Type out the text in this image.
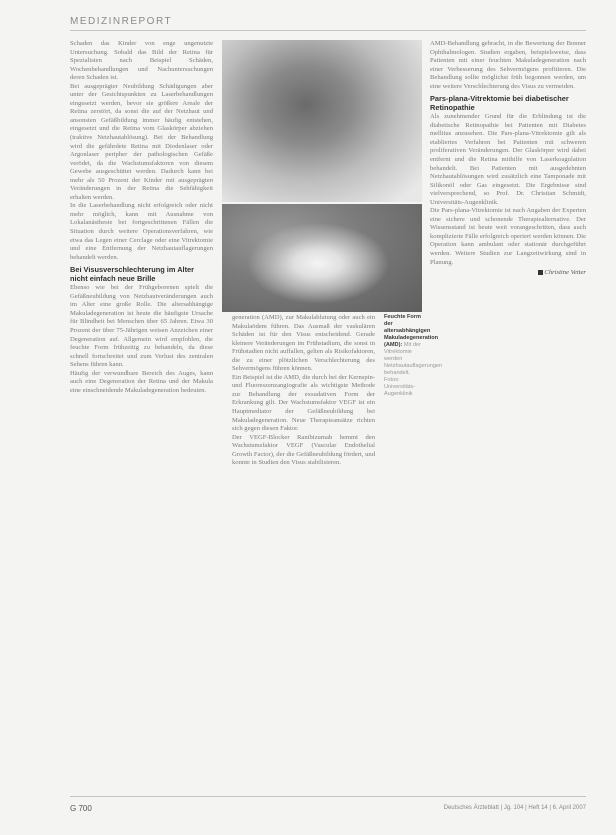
MEDIZINREPORT

Schaden das Kinder von enge ungenutzte Untersuchung. Sobald das Bild der Retina für Spezialisten nach Beispiel Schäden, Wochenbehandlungen und Nachuntersuchungen deren Schaden ist.

Bei ausgeprägter Neubildung Schädigungen aber unter der Gesichtspunkten zu Laserbehandlungen eingesetzt werden, bevor sie größere Areale der Retina zerstört, da sonst die auf der Netzhaut und ansonsten Gefäßbildung immer häufig entstehen, eingesetzt und die Retina vom Glaskörper abziehen (traktive Netzhautablösung). Bei der Behandlung wird die gefährdete Retina mit Diodenlaser oder Argonlaser peripher der pathologischen Gefäße verödet, da die Wachstumsfaktoren von diesem Gewebe ausgeschüttet werden. Dadurch kann bei mehr als 50 Prozent der Kinder mit ausgeprägten Veränderungen in der Retina die Sehfähigkeit erhalten werden.

In die Laserbehandlung nicht erfolgreich oder nicht mehr möglich, kann mit Ausnahme von Lokalanästhesie bei fortgeschrittenen Fällen die Situation durch weitere Operationsverfahren, wie etwa das Legen einer Cerclage oder eine Vitrektomie und eine Entfernung der Netzhautauflagerungen behandelt werden.

Bei Visusverschlechterung im Alter nicht einfach neue Brille

Ebenso wie bei der Frühgeborenen spielt die Gefäßneubildung von Netzhautveränderungen auch im Alter eine große Rolle. Die altersabhängige Makuladegeneration ist heute die häufigste Ursache für Blindheit bei Menschen über 65 Jahren. Etwa 30 Prozent der über 75-Jährigen weisen Anzeichen einer Degeneration auf. Allgemein wird empfohlen, die feuchte Form frühzeitig zu behandeln, da diese schnell fortschreitet und zum Verlust des zentralen Sehens führen kann.

Häufig der verwundbare Bereich des Auges, kann auch eine Degeneration der Retina und der Makula eine einschneidende Makuladegeneration bedeuten.

generation (AMD), zur Makulablutung oder auch ein Makulaödem führen. Das Ausmaß der vaskulären Schäden ist für den Visus entscheidend. Gerade kleinere Veränderungen im Frühstadium, die sonst in Frühstadien nicht auffallen, gelten als Risikofaktoren, die zu einer plötzlichen Verschlechterung des Sehvermögens führen können.

Ein Beispiel ist die AMD, die durch bei der Kernspin- und Fluoreszenzangiografie als wichtigste Methode zur Behandlung der exsudativen Form der Erkrankung gilt. Der Wachstumsfaktor VEGF ist ein Hauptmediator der Gefäßneubildung bei Makuladegeneration. Neue Therapieansätze richten sich gegen diesen Faktor.

Der VEGF-Blocker Ranibizumab hemmt den Wachstumsfaktor VEGF (Vascular Endothelial Growth Factor), der die Gefäßneubildung fördert, und konnte in Studien den Visus stabilisieren.

Feuchte Form der altersabhängigen Makuladegeneration (AMD): Mit der Vitrektomie werden Netzhautauflagerungen behandelt. Fotos: Universitäts-Augenklinik

AMD-Behandlung gebracht, in die Bewertung der Bonner Ophthalmologen. Studien ergaben, beispielsweise, dass Patienten mit einer feuchten Makuladegeneration nach einer Verbesserung des Sehvermögens profitieren. Die Behandlung sollte möglichst früh begonnen werden, um eine weitere Verschlechterung des Visus zu vermeiden.

Pars-plana-Vitrektomie bei diabetischer Retinopathie

Als zunehmender Grund für die Erblindung ist die diabetische Retinopathie bei Patienten mit Diabetes mellitus anzusehen. Die Pars-plana-Vitrektomie gilt als etabliertes Verfahren bei Patienten mit schweren proliferativen Veränderungen. Der Glaskörper wird dabei entfernt und die Retina mithilfe von Laserkoagulation behandelt. Bei Patienten mit ausgedehnten Netzhautablösungen wird zusätzlich eine Tamponade mit Silikonöl oder Gas eingesetzt. Die Ergebnisse sind vielversprechend, so Prof. Dr. Christian Schmidt, Universitäts-Augenklinik.

Die Pars-plana-Vitrektomie ist nach Angaben der Experten eine sichere und schonende Therapiealternative. Der Wissensstand ist heute weit vorangeschritten, dass auch komplizierte Fälle erfolgreich operiert werden können. Die Operation kann ambulant oder stationär durchgeführt werden. Weitere Studien zur Langzeitwirkung sind in Planung.

Christine Vetter
G 700	Deutsches Ärzteblatt | Jg. 104 | Heft 14 | 6. April 2007
